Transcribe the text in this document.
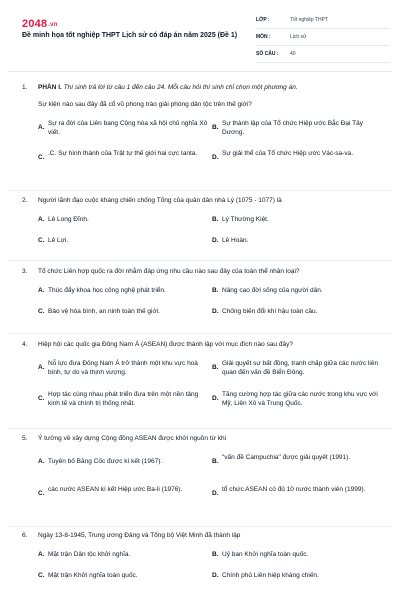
2048.vn
Đề minh họa tốt nghiệp THPT Lịch sử có đáp án năm 2025 (Đề 1)
LỚP :	Tốt nghiệp THPT
MÔN :	Lịch sử
SỐ CÂU :	40
1. PHẦN I. Thí sinh trả lời từ câu 1 đến câu 24. Mỗi câu hỏi thí sinh chỉ chọn một phương án.
Sự kiện nào sau đây đã cổ vũ phong trào giải phóng dân tộc trên thế giới?
A.
Sự ra đời của Liên bang Cộng hòa xã hội chủ nghĩa Xô viết.
B.
Sự thành lập của Tổ chức Hiệp ước Bắc Đại Tây Dương.
C.
.C. Sự hình thành của Trật tự thế giới hai cực Ianta.
D.
Sự giải thể của Tổ chức Hiệp ước Vác-sa-va.
2. Người lãnh đạo cuộc kháng chiến chống Tống của quân dân nhà Lý (1075 - 1077) là
A. Lê Long Đĩnh.	B. Lý Thường Kiệt.
C. Lê Lợi.	D. Lê Hoàn.
3. Tổ chức Liên hợp quốc ra đời nhằm đáp ứng nhu cầu nào sau đây của toàn thể nhân loại?
A. Thúc đẩy khoa học công nghệ phát triển.	B. Nâng cao đời sống của người dân.
C. Bảo vệ hòa bình, an ninh toàn thế giới.	D. Chống biến đổi khí hậu toàn cầu.
4. Hiệp hội các quốc gia Đông Nam Á (ASEAN) được thành lập với mục đích nào sau đây?
A.
Nỗ lực đưa Đông Nam Á trở thành một khu vực hoà bình, tự do và thịnh vượng.
B.
Giải quyết sự bất đồng, tranh chấp giữa các nước liên quan đến vấn đề Biển Đông.
C.
Hợp tác cùng nhau phát triển đưa trên một nền tảng kinh tế và chính trị thống nhất.
D.
Tăng cường hợp tác giữa các nước trong khu vực với Mỹ, Liên Xô và Trung Quốc.
5. Ý tưởng về xây dựng Cộng đồng ASEAN được khởi nguồn từ khi
A. Tuyên bố Băng Cốc được kí kết (1967).	B.
"vấn đề Campuchia" được giải quyết (1991).
C.
các nước ASEAN kí kết Hiệp ước Ba-li (1976).
D.
tổ chức ASEAN có đủ 10 nước thành viên (1999).
6. Ngày 13-8-1945, Trung ương Đảng và Tổng bộ Việt Minh đã thành lập
A. Mặt trận Dân tộc khởi nghĩa.	B. Uỷ ban Khởi nghĩa toàn quốc.
C. Mặt trận Khởi nghĩa toàn quốc.	D. Chính phủ Liên hiệp kháng chiến.
